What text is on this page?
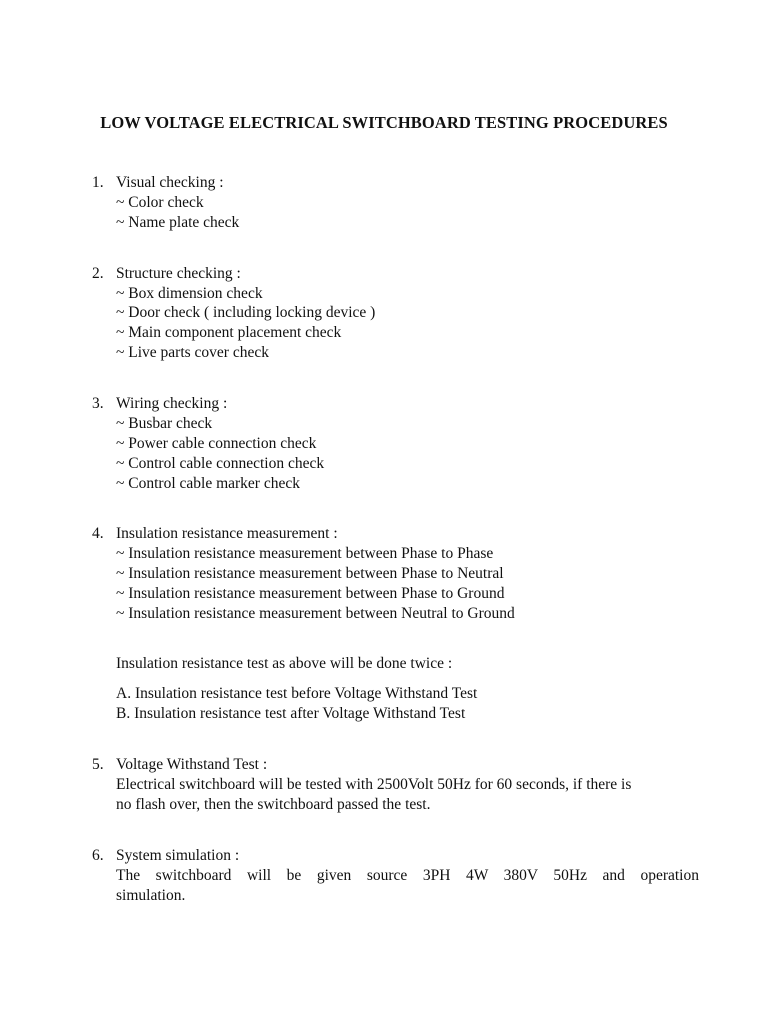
LOW VOLTAGE ELECTRICAL SWITCHBOARD TESTING PROCEDURES
1. Visual checking :
~ Color check
~ Name plate check
2. Structure checking :
~ Box dimension check
~ Door check ( including locking device )
~ Main component placement check
~ Live parts cover check
3. Wiring checking :
~ Busbar check
~ Power cable connection check
~ Control cable connection check
~ Control cable marker check
4. Insulation resistance measurement :
~ Insulation resistance measurement between Phase to Phase
~ Insulation resistance measurement between Phase to Neutral
~ Insulation resistance measurement between Phase to Ground
~ Insulation resistance measurement between Neutral to Ground
Insulation resistance test as above will be done twice :
A. Insulation resistance test before Voltage Withstand Test
B. Insulation resistance test after Voltage Withstand Test
5. Voltage Withstand Test :
Electrical switchboard will be tested with 2500Volt 50Hz for 60 seconds, if there is
no flash over, then the switchboard passed the test.
6. System simulation :
The switchboard will be given source 3PH 4W 380V 50Hz and operation
simulation.
